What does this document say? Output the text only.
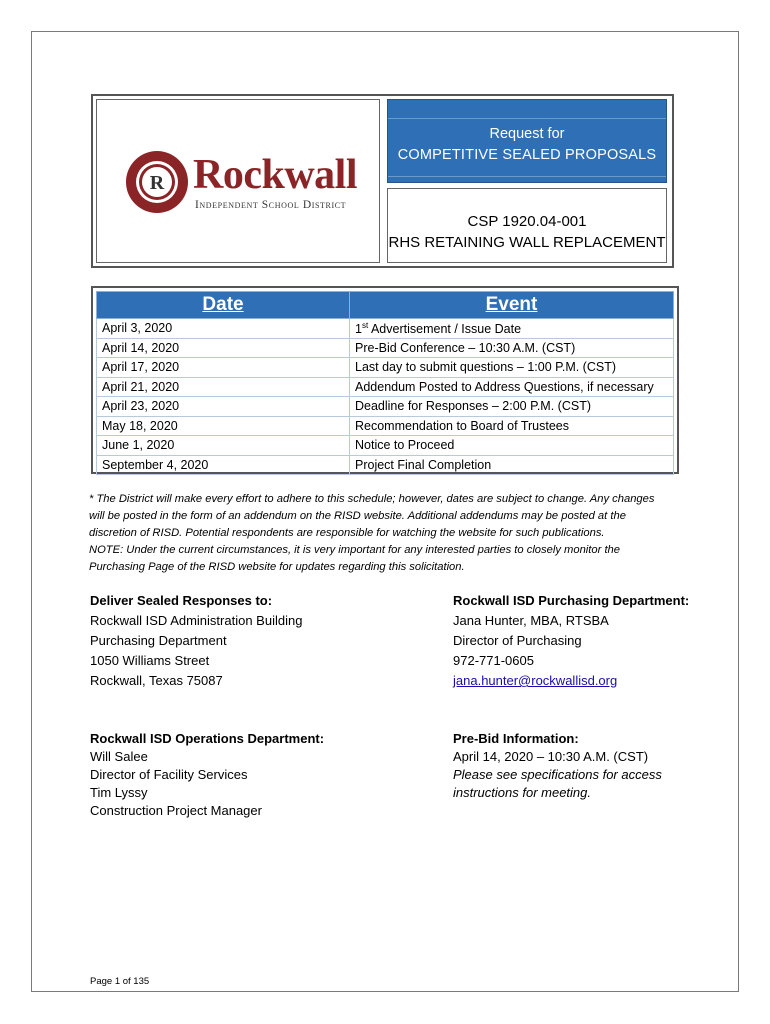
R Rockwall
Independent School District
Request for
COMPETITIVE SEALED PROPOSALS
CSP 1920.04-001
RHS RETAINING WALL REPLACEMENT
Date	Event
April 3, 2020	1st Advertisement / Issue Date
April 14, 2020	Pre-Bid Conference – 10:30 A.M. (CST)
April 17, 2020	Last day to submit questions – 1:00 P.M. (CST)
April 21, 2020	Addendum Posted to Address Questions, if necessary
April 23, 2020	Deadline for Responses – 2:00 P.M. (CST)
May 18, 2020	Recommendation to Board of Trustees
June 1, 2020	Notice to Proceed
September 4, 2020	Project Final Completion

* The District will make every effort to adhere to this schedule; however, dates are subject to change. Any changes

will be posted in the form of an addendum on the RISD website. Additional addendums may be posted at the

discretion of RISD. Potential respondents are responsible for watching the website for such publications.

NOTE: Under the current circumstances, it is very important for any interested parties to closely monitor the

Purchasing Page of the RISD website for updates regarding this solicitation.

Deliver Sealed Responses to:
Rockwall ISD Administration Building
Purchasing Department
1050 Williams Street
Rockwall, Texas 75087
Rockwall ISD Purchasing Department:
Jana Hunter, MBA, RTSBA
Director of Purchasing
972-771-0605
jana.hunter@rockwallisd.org
Rockwall ISD Operations Department:
Will Salee
Director of Facility Services
Tim Lyssy
Construction Project Manager
Pre-Bid Information:
April 14, 2020 – 10:30 A.M. (CST)
Please see specifications for access
instructions for meeting.
Page 1 of 135
